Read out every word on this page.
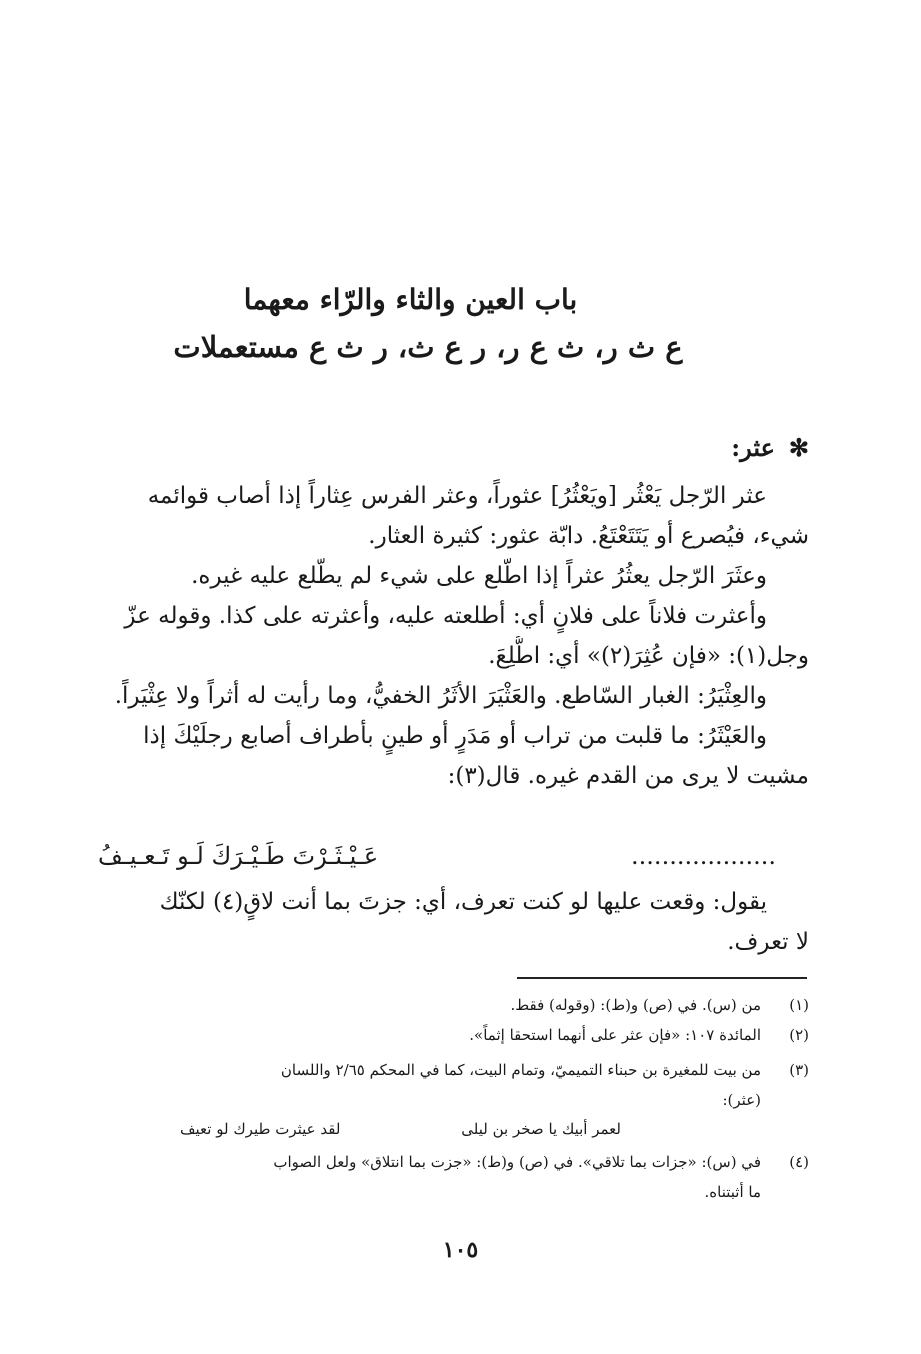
باب العين والثاء والرّاء معهما
ع ث ر، ث ع ر، ر ع ث، ر ث ع مستعملات
✻عثر:
عثر الرّجل يَعْثُر [ويَعْثُرُ] عثوراً، وعثر الفرس عِثاراً إذا أصاب قوائمه
شيء، فيُصرع أو يَتَتَعْتَعُ. دابّة عثور: كثيرة العثار.
وعثَرَ الرّجل يعثُرُ عثراً إذا اطّلع على شيء لم يطّلع عليه غيره.
وأعثرت فلاناً على فلانٍ أي: أطلعته عليه، وأعثرته على كذا. وقوله عزّ
وجل(١): «فإن عُثِرَ(٢)» أي: اطُّلِعَ.
والعِثْيَرُ: الغبار السّاطع. والعَثْيَرَ الأثَرُ الخفيُّ، وما رأيت له أثراً ولا عِثْيَراً.
والعَيْثَرُ: ما قلبت من تراب أو مَدَرٍ أو طينٍ بأطراف أصابع رجلَيْكَ إذا
مشيت لا يرى من القدم غيره. قال(٣):
...................
عَـيْـثَـرْتَ طَـيْـرَكَ لَـو تَـعـيـفُ
يقول: وقعت عليها لو كنت تعرف، أي: جزتَ بما أنت لاقٍ(٤) لكنّك
لا تعرف.
(١)من (س). في (ص) و(ط): (وقوله) فقط.
(٢)المائدة ١٠٧: «فإن عثر على أنهما استحقا إثماً».
(٣)من بيت للمغيرة بن حبناء التميميّ، وتمام البيت، كما في المحكم ٢/٦٥ واللسان
(عثر):
لعمر أبيك يا صخر بن ليلى
لقد عيثرت طيرك لو تعيف
(٤)في (س): «جزات بما تلاقي». في (ص) و(ط): «جزت بما انتلاق» ولعل الصواب
ما أثبتناه.
١٠٥
